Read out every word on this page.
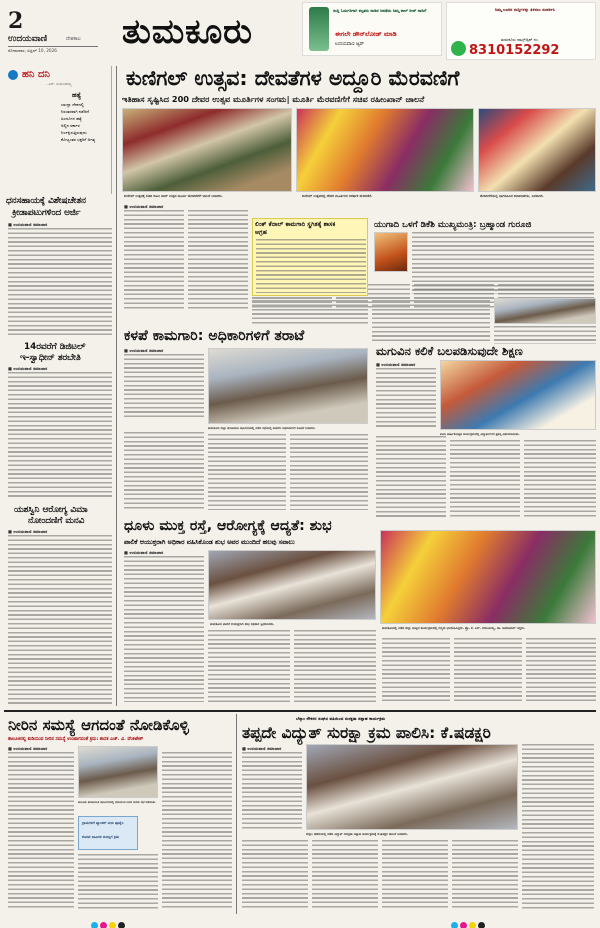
2
ಉದಯವಾಣಿ	ದೇಶಕಾಲ
ಸೋಮವಾರ, ಏಪ್ರಿಲ್ 10, 2026 ತುಮಕೂರು
ಸುದ್ದಿ ಓದುಗರಿಗಾಗಿ ಕಲ್ಪತರು ನಾಡಿನ ಜನತೆಯ ನಿಮ್ಮ ಕಾಲ್ ರೀಡ್ ನಾಡಿಗೆ
ಈಗಲೇ ಡೌನ್‌ಲೋಡ್ ಮಾಡಿ
ಉದಯವಾಣಿ ಆ್ಯಪ್
ನಿಮ್ಮ ಊರಿನ ಸುದ್ದಿಗಳನ್ನು ತಿಳಿಸಲು ಸಂಪರ್ಕಿಸಿ
ತುಮಕೂರು ವಾಟ್ಸ್‌ಆ್ಯಪ್ ನಂ.
8310152292
ಹನಿ ದನಿ
- ಎಸ್. ನಂಜುಂಡಯ್ಯ
ಹತ್ಯೆ
ಬಾಂಗ್ಲಾ ದೇಶದಲ್ಲಿ
ನಿರಂತರವಾಗಿ ನಡೆದಿದೆ
ಹಿಂದೂಗಳ ಹತ್ಯೆ
ಅಲ್ಲಿನ ಸರ್ಕಾರ
ನಿರ್ಲಕ್ಷಿಸುತ್ತಿರುವುದು
ಕೋಟ್ಯಂತರ ಭಕ್ತರಿಗೆ ಅಗತ್ಯ
ಧನಸಹಾಯಕ್ಕೆ ವಿಶೇಷಚೇತನ
ಕ್ರೀಡಾಪಟುಗಳಿಂದ ಅರ್ಜಿ
■ ಉದಯವಾಣಿ ಸಮಾಚಾರ
14ರವರೆಗೆ ಡಿಜಿಟಲ್
ಇ-ಸ್ವಾಧೀನ್ ತರಬೇತಿ
■ ಉದಯವಾಣಿ ಸಮಾಚಾರ
ಯಶಸ್ವಿನಿ ಆರೋಗ್ಯ ವಿಮಾ
ನೋಂದಣಿಗೆ ಮನವಿ
■ ಉದಯವಾಣಿ ಸಮಾಚಾರ
ಕುಣಿಗಲ್ ಉತ್ಸವ: ದೇವತೆಗಳ ಅದ್ದೂರಿ ಮೆರವಣಿಗೆ
ಇತಿಹಾಸ ಸೃಷ್ಟಿಸಿದ 200 ದೇವರ ಉತ್ಸವ ಮೂರ್ತಿಗಳ ಸಂಗಮ| ಮೂರ್ತಿ ಮೆರವಣಿಗೆಗೆ ಸಚಿವ ರಹೀಂಖಾನ್ ಚಾಲನೆ
ಕುಣಿಗಲ್ ಉತ್ಸವಕ್ಕೆ ಸಚಿವ ರಹೀಂ ಖಾನ್ ಉತ್ಸವ ಮೂರ್ತಿ ಮೆರವಣಿಗೆಗೆ ಚಾಲನೆ ನೀಡಿದರು.	ಕುಣಿಗಲ್ ಉತ್ಸವದಲ್ಲಿ ದೇವರ ಮೂರ್ತಿಗಳ ಆಕರ್ಷಕ ಮೆರವಣಿಗೆ.	ಮೆರವಣಿಗೆಯಲ್ಲಿ ಭಾಗವಹಿಸಿದ ಕಲಾತಂಡಗಳು, ಜನಸಾಗರ.
■ ಉದಯವಾಣಿ ಸಮಾಚಾರ
ಲಿಂಕ್ ಕೆನಾಲ್ ಕಾಮಗಾರಿ ಸ್ಥಗಿತಕ್ಕೆ ಶಾಸಕ
ಆಗ್ರಹ
ಯುಗಾದಿ ಒಳಗೆ ಡಿಕೆಶಿ ಮುಖ್ಯಮಂತ್ರಿ: ಬ್ರಹ್ಮಾಂಡ ಗುರೂಜಿ
ಕಳಪೆ ಕಾಮಗಾರಿ: ಅಧಿಕಾರಿಗಳಿಗೆ ತರಾಟೆ
■ ಉದಯವಾಣಿ ಸಮಾಚಾರ
ತುಮಕೂರು ಜಿಲ್ಲಾ ಪಂಚಾಯಿತಿ ಸಭಾಂಗಣದಲ್ಲಿ ನಡೆದ ಸಭೆಯಲ್ಲಿ ಶಾಸಕರು ಅಧಿಕಾರಿಗಳಿಗೆ ಸೂಚನೆ ನೀಡಿದರು.
ಮಗುವಿನ ಕಲಿಕೆ ಬಲಪಡಿಸುವುದೇ ಶಿಕ್ಷಣ
■ ಉದಯವಾಣಿ ಸಮಾಚಾರ
ಶಾಲಾ ವಾರ್ಷಿಕೋತ್ಸವ ಕಾರ್ಯಕ್ರಮದಲ್ಲಿ ವಿದ್ಯಾರ್ಥಿಗಳಿಗೆ ಪ್ರಶಸ್ತಿ ವಿತರಿಸಲಾಯಿತು.
ಧೂಳು ಮುಕ್ತ ರಸ್ತೆ, ಆರೋಗ್ಯಕ್ಕೆ ಆದ್ಯತೆ: ಶುಭ
ಪಾಲಿಕೆ ಆಯುಕ್ತರಾಗಿ ಅಧಿಕಾರ ವಹಿಸಿಕೊಂಡ ಶುಭ ಅವರ ಮುಂದಿದೆ ಹಲವು ಸವಾಲು
■ ಉದಯವಾಣಿ ಸಮಾಚಾರ
ತುಮಕೂರು ಪಾಲಿಕೆ ಆಯುಕ್ತರಾಗಿ ಶುಭ ಅಧಿಕಾರ ಸ್ವೀಕರಿಸಿದರು.
ತುಮಕೂರಿನಲ್ಲಿ ನಡೆದ ಜಿಲ್ಲಾ ಮಟ್ಟದ ಕಾರ್ಯಕ್ರಮದಲ್ಲಿ ಗಣ್ಯರು ಭಾಗವಹಿಸಿದ್ದರು. ಪ್ರೊ. ಕೆ. ಎಸ್. ನರಸಿಂಹಯ್ಯ, ಡಾ. ಶಿವಕುಮಾರ್ ಇದ್ದರು.
ನೀರಿನ ಸಮಸ್ಯೆ ಆಗದಂತೆ ನೋಡಿಕೊಳ್ಳಿ
ತಾಲೂಕಿನಲ್ಲಿ ಕುಡಿಯುವ ನೀರಿನ ಸಮಸ್ಯೆ ಉಂಟಾಗದಂತೆ ಕ್ರಮ: ಶಾಸಕ ಎಚ್. ವಿ. ವೆಂಕಟೇಶ್
■ ಉದಯವಾಣಿ ಸಮಾಚಾರ
ತಾಲೂಕು ಪಂಚಾಯಿತಿ ಸಭಾಂಗಣದಲ್ಲಿ ಕುಡಿಯುವ ನೀರಿನ ಕುರಿತು ಸಭೆ ನಡೆಯಿತು.
ಗ್ರಾಮಗಳಿಗೆ ಟ್ಯಾಂಕರ್ ನೀರು ಪೂರೈಸಿ
ಕೊಳವೆ ಬಾವಿಗಳ ದುರಸ್ತಿಗೆ ಕ್ರಮ
ಬೆಸ್ಕಾಂ ನೌಕರರ ಸಂಘದ ವತಿಯಿಂದ ಸುರಕ್ಷತಾ ಸಪ್ತಾಹ ಕಾರ್ಯಕ್ರಮ
ತಪ್ಪದೇ ವಿದ್ಯುತ್ ಸುರಕ್ಷಾ ಕ್ರಮ ಪಾಲಿಸಿ: ಕೆ.ಷಡಕ್ಷರಿ
■ ಉದಯವಾಣಿ ಸಮಾಚಾರ
ಬೆಸ್ಕಾಂ ಕಚೇರಿಯಲ್ಲಿ ನಡೆದ ವಿದ್ಯುತ್ ಸುರಕ್ಷತಾ ಸಪ್ತಾಹ ಕಾರ್ಯಕ್ರಮಕ್ಕೆ ಕೆ.ಷಡಕ್ಷರಿ ಚಾಲನೆ ನೀಡಿದರು.
